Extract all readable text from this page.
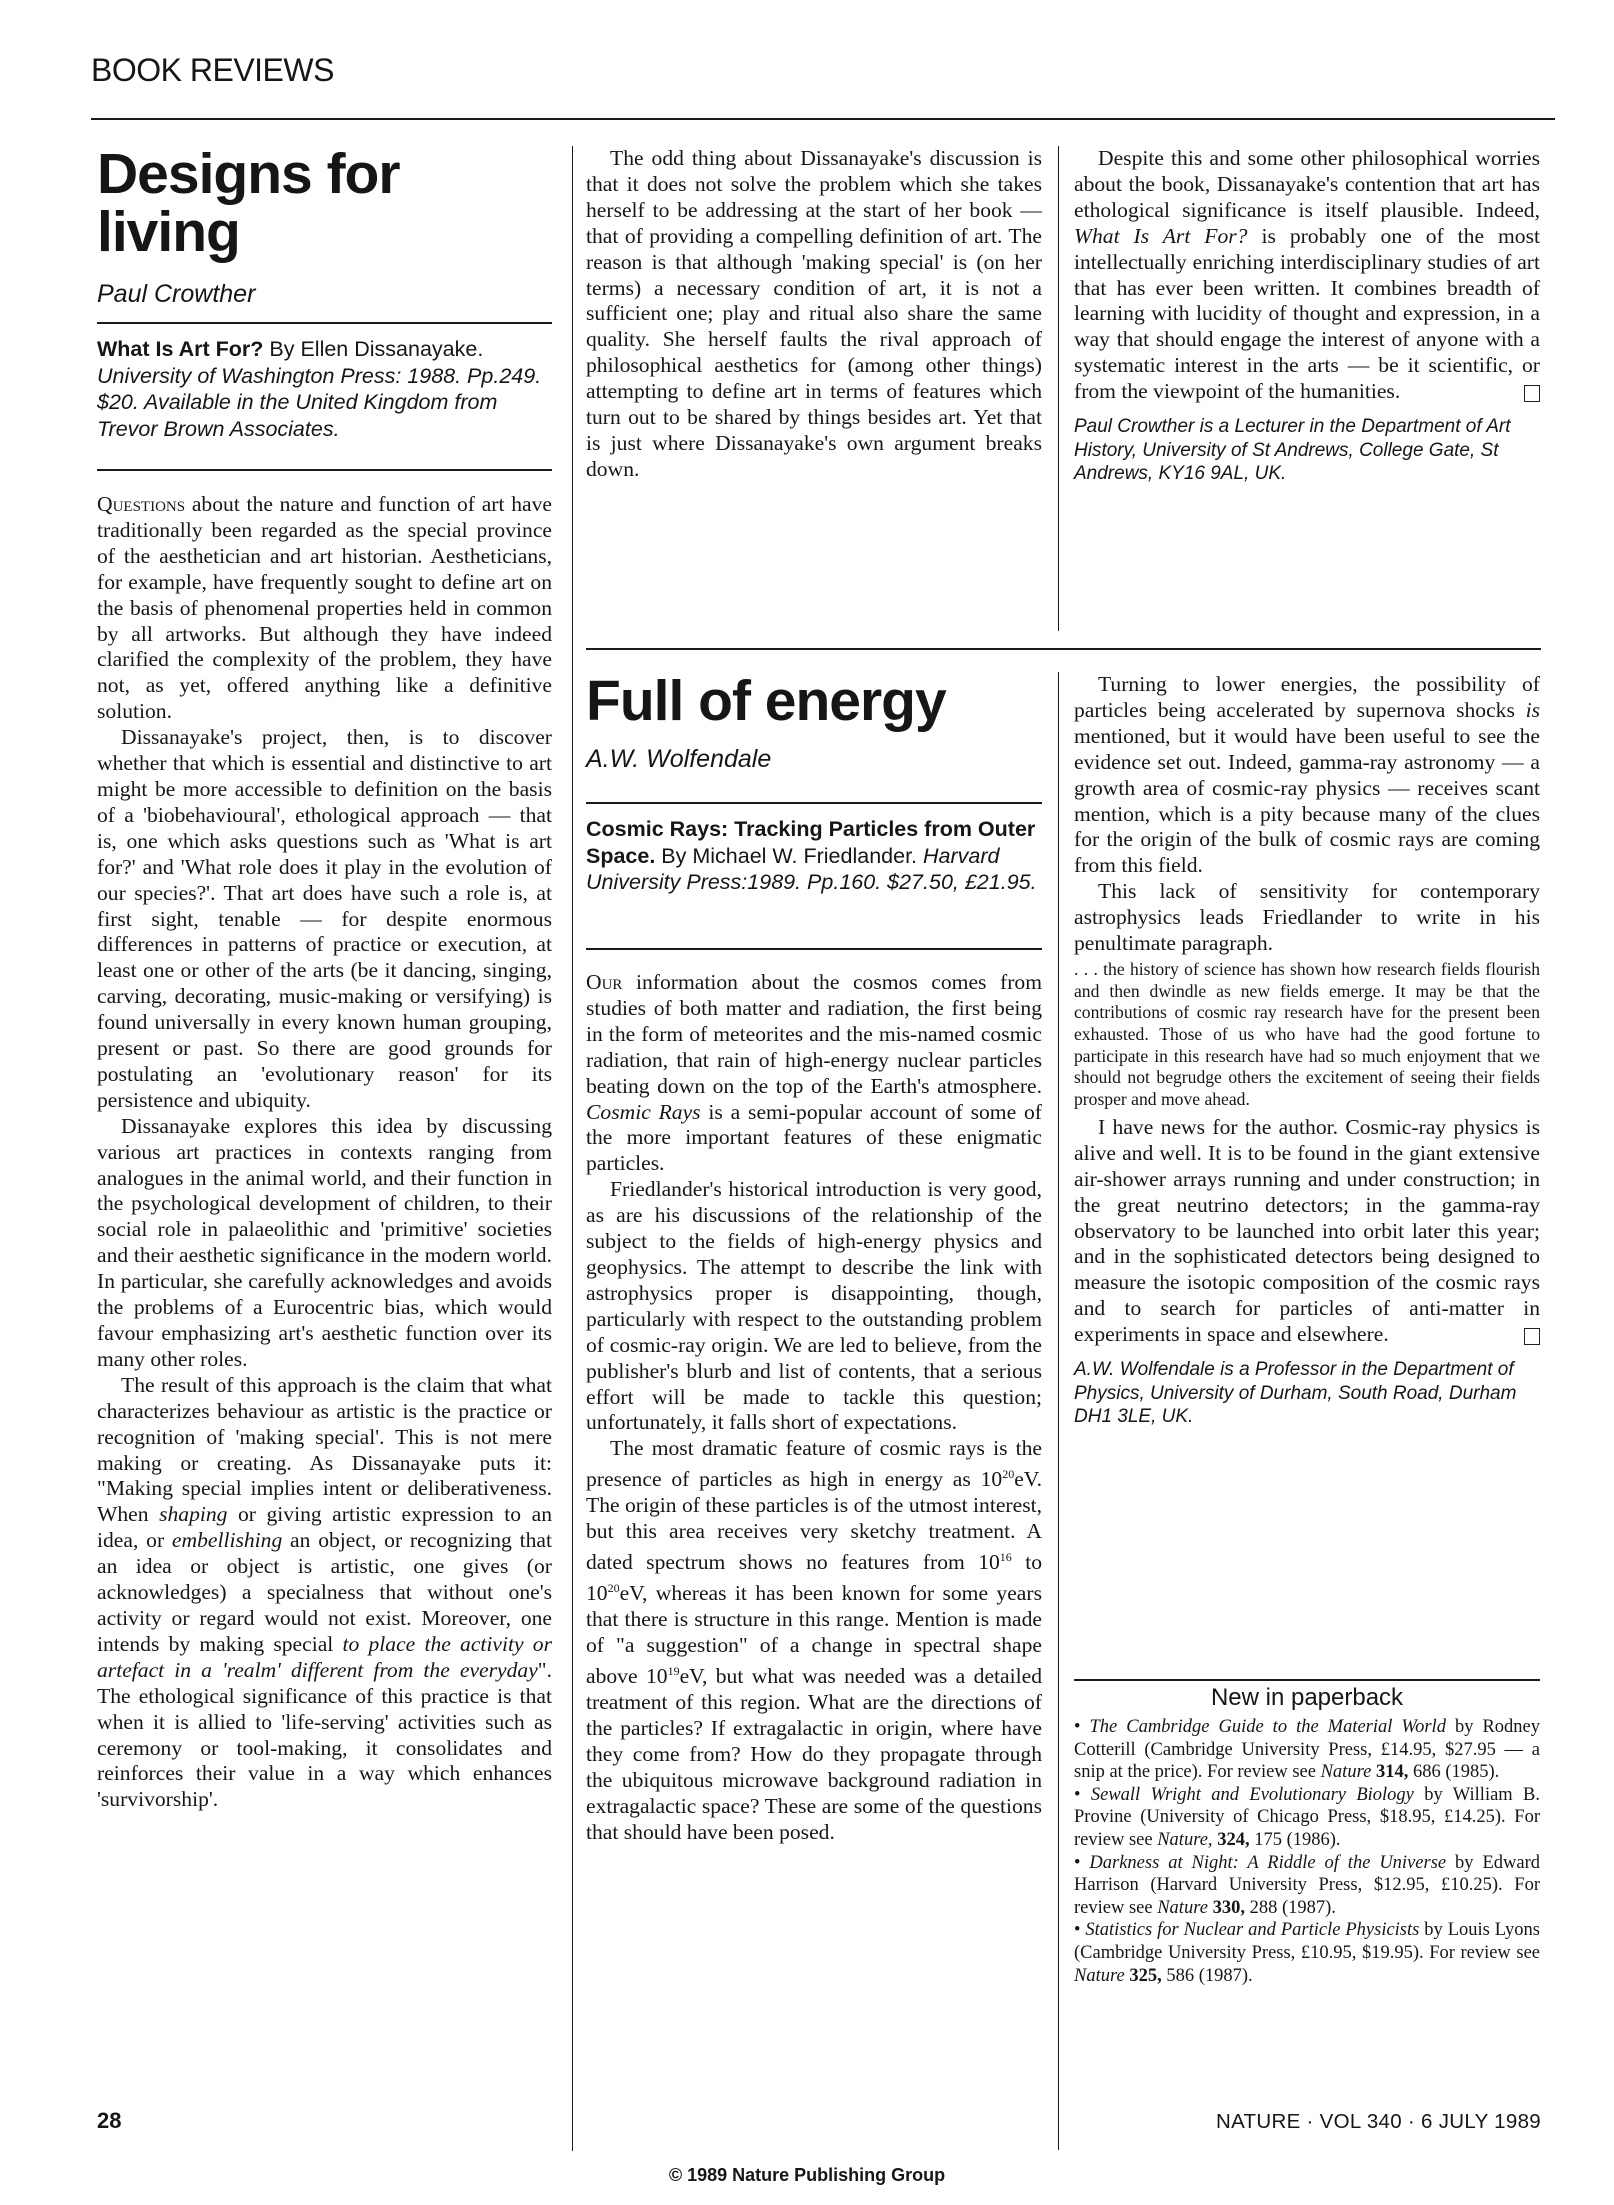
BOOK REVIEWS
Designs for
living
Paul Crowther
What Is Art For? By Ellen Dissanayake. University of Washington Press: 1988. Pp.249. $20. Available in the United Kingdom from Trevor Brown Associates.

Questions about the nature and function of art have traditionally been regarded as the special province of the aesthetician and art historian. Aestheticians, for example, have frequently sought to define art on the basis of phenomenal properties held in common by all artworks. But although they have indeed clarified the complexity of the problem, they have not, as yet, offered anything like a definitive solution.

Dissanayake's project, then, is to discover whether that which is essential and distinctive to art might be more accessible to definition on the basis of a 'biobehavioural', ethological approach — that is, one which asks questions such as 'What is art for?' and 'What role does it play in the evolution of our species?'. That art does have such a role is, at first sight, tenable — for despite enormous differences in patterns of practice or execution, at least one or other of the arts (be it dancing, singing, carving, decorating, music-making or versifying) is found universally in every known human grouping, present or past. So there are good grounds for postulating an 'evolutionary reason' for its persistence and ubiquity.

Dissanayake explores this idea by discussing various art practices in contexts ranging from analogues in the animal world, and their function in the psychological development of children, to their social role in palaeolithic and 'primitive' societies and their aesthetic significance in the modern world. In particular, she carefully acknowledges and avoids the problems of a Eurocentric bias, which would favour emphasizing art's aesthetic function over its many other roles.

The result of this approach is the claim that what characterizes behaviour as artistic is the practice or recognition of 'making special'. This is not mere making or creating. As Dissanayake puts it: "Making special implies intent or deliberativeness. When shaping or giving artistic expression to an idea, or embellishing an object, or recognizing that an idea or object is artistic, one gives (or acknowledges) a specialness that without one's activity or regard would not exist. Moreover, one intends by making special to place the activity or artefact in a 'realm' different from the everyday". The ethological significance of this practice is that when it is allied to 'life-serving' activities such as ceremony or tool-making, it consolidates and reinforces their value in a way which enhances 'survivorship'.

The odd thing about Dissanayake's discussion is that it does not solve the problem which she takes herself to be addressing at the start of her book — that of providing a compelling definition of art. The reason is that although 'making special' is (on her terms) a necessary condition of art, it is not a sufficient one; play and ritual also share the same quality. She herself faults the rival approach of philosophical aesthetics for (among other things) attempting to define art in terms of features which turn out to be shared by things besides art. Yet that is just where Dissanayake's own argument breaks down.

Despite this and some other philosophical worries about the book, Dissanayake's contention that art has ethological significance is itself plausible. Indeed, What Is Art For? is probably one of the most intellectually enriching interdisciplinary studies of art that has ever been written. It combines breadth of learning with lucidity of thought and expression, in a way that should engage the interest of anyone with a systematic interest in the arts — be it scientific, or from the viewpoint of the humanities.

Paul Crowther is a Lecturer in the Department of Art History, University of St Andrews, College Gate, St Andrews, KY16 9AL, UK.
Full of energy
A.W. Wolfendale
Cosmic Rays: Tracking Particles from Outer Space. By Michael W. Friedlander. Harvard University Press:1989. Pp.160. $27.50, £21.95.

Our information about the cosmos comes from studies of both matter and radiation, the first being in the form of meteorites and the mis-named cosmic radiation, that rain of high-energy nuclear particles beating down on the top of the Earth's atmosphere. Cosmic Rays is a semi-popular account of some of the more important features of these enigmatic particles.

Friedlander's historical introduction is very good, as are his discussions of the relationship of the subject to the fields of high-energy physics and geophysics. The attempt to describe the link with astrophysics proper is disappointing, though, particularly with respect to the outstanding problem of cosmic-ray origin. We are led to believe, from the publisher's blurb and list of contents, that a serious effort will be made to tackle this question; unfortunately, it falls short of expectations.

The most dramatic feature of cosmic rays is the presence of particles as high in energy as $10^{20}eV$. The origin of these particles is of the utmost interest, but this area receives very sketchy treatment. A dated spectrum shows no features from $10^{16}$ to $10^{20}eV$, whereas it has been known for some years that there is structure in this range. Mention is made of "a suggestion" of a change in spectral shape above $10^{19}eV$, but what was needed was a detailed treatment of this region. What are the directions of the particles? If extragalactic in origin, where have they come from? How do they propagate through the ubiquitous microwave background radiation in extragalactic space? These are some of the questions that should have been posed.

Turning to lower energies, the possibility of particles being accelerated by supernova shocks is mentioned, but it would have been useful to see the evidence set out. Indeed, gamma-ray astronomy — a growth area of cosmic-ray physics — receives scant mention, which is a pity because many of the clues for the origin of the bulk of cosmic rays are coming from this field.

This lack of sensitivity for contemporary astrophysics leads Friedlander to write in his penultimate paragraph.

. . . the history of science has shown how research fields flourish and then dwindle as new fields emerge. It may be that the contributions of cosmic ray research have for the present been exhausted. Those of us who have had the good fortune to participate in this research have had so much enjoyment that we should not begrudge others the excitement of seeing their fields prosper and move ahead.

I have news for the author. Cosmic-ray physics is alive and well. It is to be found in the giant extensive air-shower arrays running and under construction; in the great neutrino detectors; in the gamma-ray observatory to be launched into orbit later this year; and in the sophisticated detectors being designed to measure the isotopic composition of the cosmic rays and to search for particles of anti-matter in experiments in space and elsewhere.

A.W. Wolfendale is a Professor in the Department of Physics, University of Durham, South Road, Durham DH1 3LE, UK.
New in paperback

• The Cambridge Guide to the Material World by Rodney Cotterill (Cambridge University Press, £14.95, $27.95 — a snip at the price). For review see Nature 314, 686 (1985).

• Sewall Wright and Evolutionary Biology by William B. Provine (University of Chicago Press, $18.95, £14.25). For review see Nature, 324, 175 (1986).

• Darkness at Night: A Riddle of the Universe by Edward Harrison (Harvard University Press, $12.95, £10.25). For review see Nature 330, 288 (1987).

• Statistics for Nuclear and Particle Physicists by Louis Lyons (Cambridge University Press, £10.95, $19.95). For review see Nature 325, 586 (1987).

28	NATURE · VOL 340 · 6 JULY 1989
© 1989 Nature Publishing Group
